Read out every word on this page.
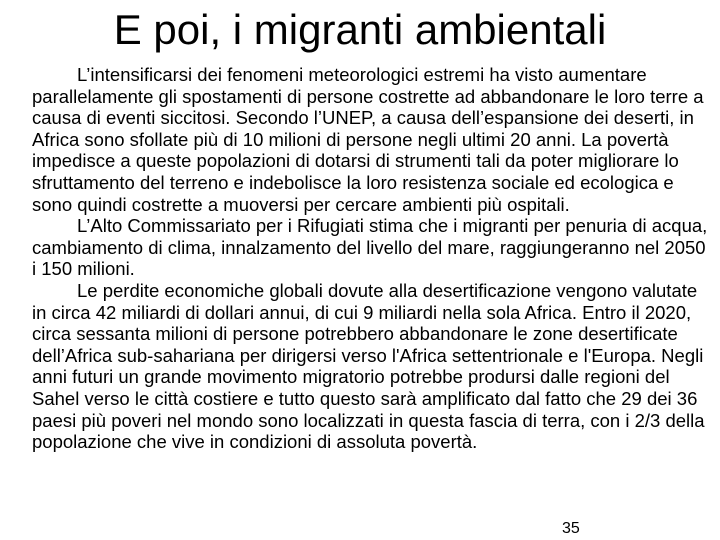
E poi, i migranti ambientali

L’intensificarsi dei fenomeni meteorologici estremi ha visto aumentare parallelamente gli spostamenti di persone costrette ad abbandonare le loro terre a causa di eventi siccitosi. Secondo l’UNEP, a causa dell’espansione dei deserti, in Africa sono sfollate più di 10 milioni di persone negli ultimi 20 anni. La povertà impedisce a queste popolazioni di dotarsi di strumenti tali da poter migliorare lo sfruttamento del terreno e indebolisce la loro resistenza sociale ed ecologica e sono quindi costrette a muoversi per cercare ambienti più ospitali.

L’Alto Commissariato per i Rifugiati stima che i migranti per penuria di acqua, cambiamento di clima, innalzamento del livello del mare, raggiungeranno nel 2050 i 150 milioni.

Le perdite economiche globali dovute alla desertificazione vengono valutate in circa 42 miliardi di dollari annui, di cui 9 miliardi nella sola Africa. Entro il 2020, circa sessanta milioni di persone potrebbero abbandonare le zone desertificate dell’Africa sub-sahariana per dirigersi verso l'Africa settentrionale e l'Europa. Negli anni futuri un grande movimento migratorio potrebbe prodursi dalle regioni del Sahel verso le città costiere e tutto questo sarà amplificato dal fatto che 29 dei 36 paesi più poveri nel mondo sono localizzati in questa fascia di terra, con i 2/3 della popolazione che vive in condizioni di assoluta povertà.

35
